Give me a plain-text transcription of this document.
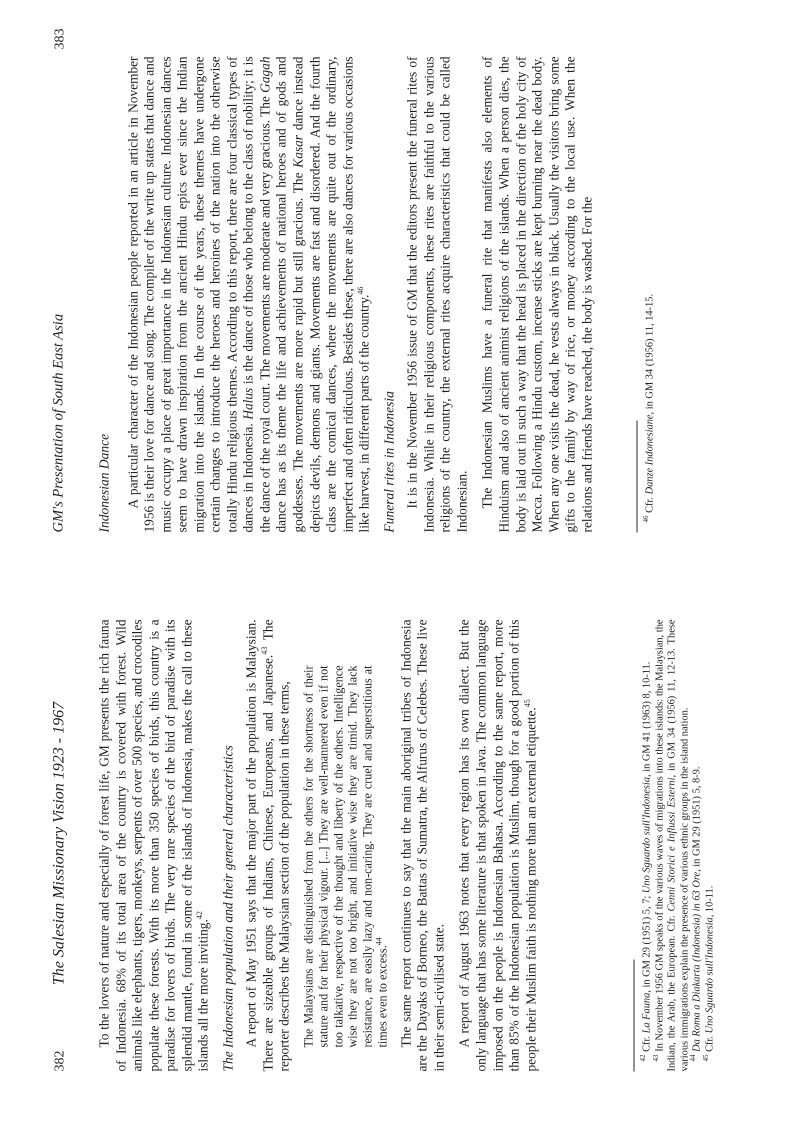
382
The Salesian Missionary Vision 1923 - 1967 To the lovers of nature and especially of forest life, GM presents the rich fauna of Indonesia. 68% of its total area of the country is covered with forest. Wild animals like elephants, tigers, monkeys, serpents of over 500 species, and crocodiles populate these forests. With its more than 350 species of birds, this country is a paradise for lovers of birds. The very rare species of the bird of paradise with its splendid mantle, found in some of the islands of Indonesia, makes the call to these islands all the more inviting.$^{42}$	The Indonesian population and their general characteristics A report of May 1951 says that the major part of the population is Malaysian. There are sizeable groups of Indians, Chinese, Europeans, and Japanese.$^{43}$ The reporter describes the Malaysian section of the population in these terms, The Malaysians are distinguished from the others for the shortness of their stature and for their physical vigour. [...] They are well-mannered even if not too talkative, respective of the thought and liberty of the others. Intelligence wise they are not too bright, and initiative wise they are timid. They lack resistance, are easily lazy and non-caring. They are cruel and superstitious at times even to excess.$^{44}$	The same report continues to say that the main aboriginal tribes of Indonesia are the Dayaks of Borneo, the Battas of Sumatra, the Alfurus of Celebes. These live in their semi-civilised state. A report of August 1963 notes that every region has its own dialect. But the only language that has some literature is that spoken in Java. The common language imposed on the people is Indonesian Bahasa. According to the same report, more than 85% of the Indonesian population is Muslim, though for a good portion of this people their Muslim faith is nothing more than an external etiquette.$^{45}$

$^{42}$ Cfr. La Fauna, in GM 29 (1951) 5, 7; Uno Sguardo sull'Indonesia, in GM 41 (1963) 8, 10-11.
$^{43}$ In November 1956 GM speaks of the various waves of migrations into these islands: the Malaysian, the Indian, the Arab, the European. Cfr. Cenni Storici e Influssi Esterni, in GM 34 (1956) 11, 12-13. These various immigrations explain the presence of various ethnic groups in the island nation. $^{44}$ Da Roma a Diakarta (Indonesia) in 63 Ore, in GM 29 (1951) 5, 8-9.
$^{45}$ Cfr. Uno Sguardo sull'Indonesia, 10-11.
GM's Presentation of South East Asia
383
Indonesian Dance A particular character of the Indonesian people reported in an article in November 1956 is their love for dance and song. The compiler of the write up states that dance and music occupy a place of great importance in the Indonesian culture. Indonesian dances seem to have drawn inspiration from the ancient Hindu epics ever since the Indian migration into the islands. In the course of the years, these themes have undergone certain changes to introduce the heroes and heroines of the nation into the otherwise totally Hindu religious themes. According to this report, there are four classical types of dances in Indonesia. Halus is the dance of those who belong to the class of nobility; it is the dance of the royal court. The movements are moderate and very gracious. The Gagah dance has as its theme the life and achievements of national heroes and of gods and goddesses. The movements are more rapid but still gracious. The Kasar dance instead depicts devils, demons and giants. Movements are fast and disordered. And the fourth class are the comical dances, where the movements are quite out of the ordinary, imperfect and often ridiculous. Besides these, there are also dances for various occasions like harvest, in different parts of the country.$^{46}$

Funeral rites in Indonesia It is in the November 1956 issue of GM that the editors present the funeral rites of Indonesia. While in their religious components, these rites are faithful to the various religions of the country, the external rites acquire characteristics that could be called Indonesian. The Indonesian Muslims have a funeral rite that manifests also elements of Hinduism and also of ancient animist religions of the islands. When a person dies, the body is laid out in such a way that the head is placed in the direction of the holy city of Mecca. Following a Hindu custom, incense sticks are kept burning near the dead body. When any one visits the dead, he vests always in black. Usually the visitors bring some gifts to the family by way of rice, or money according to the local use. When the relations and friends have reached, the body is washed. For the	$^{46}$ Cfr. Danze Indonesiane, in GM 34 (1956) 11, 14-15.
